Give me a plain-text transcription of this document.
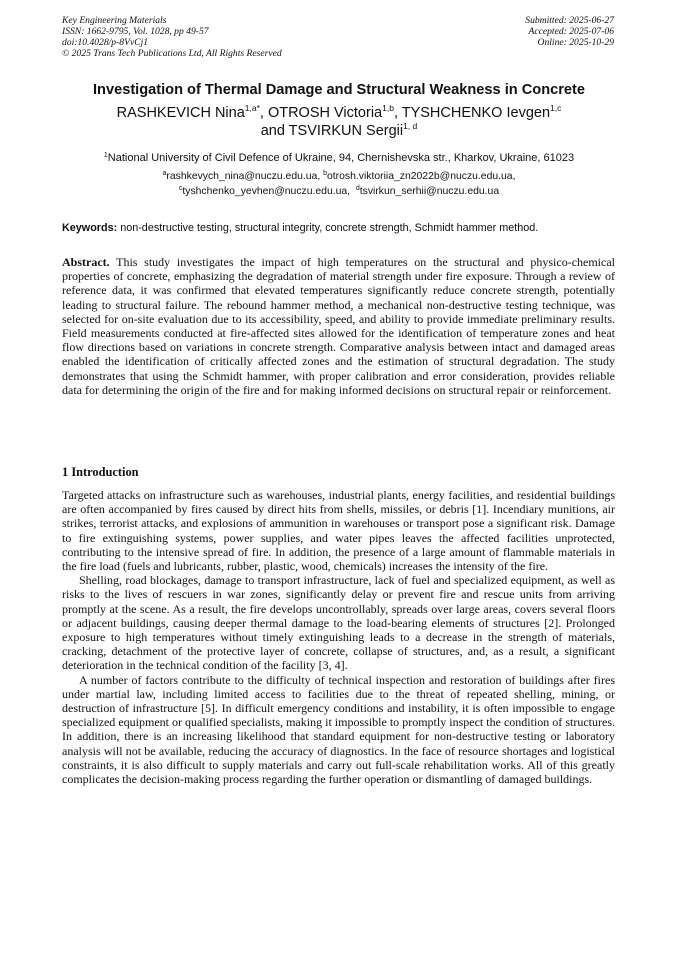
Key Engineering Materials
ISSN: 1662-9795, Vol. 1028, pp 49-57
doi:10.4028/p-8VvCj1
© 2025 Trans Tech Publications Ltd, All Rights Reserved
Submitted: 2025-06-27
Accepted: 2025-07-06
Online: 2025-10-29
Investigation of Thermal Damage and Structural Weakness in Concrete
RASHKEVICH Nina$^{1,a*}$, OTROSH Victoria$^{1,b}$, TYSHCHENKO Ievgen$^{1,c}$
and TSVIRKUN Sergii$^{1, d}$
$^1$National University of Civil Defence of Ukraine, 94, Chernishevska str., Kharkov, Ukraine, 61023
$^a$rashkevych_nina@nuczu.edu.ua, $^b$otrosh.viktoriia_zn2022b@nuczu.edu.ua,
$^c$tyshchenko_yevhen@nuczu.edu.ua,  $^d$tsvirkun_serhii@nuczu.edu.ua
Keywords: non-destructive testing, structural integrity, concrete strength, Schmidt hammer method.
Abstract. This study investigates the impact of high temperatures on the structural and physico-chemical properties of concrete, emphasizing the degradation of material strength under fire exposure. Through a review of reference data, it was confirmed that elevated temperatures significantly reduce concrete strength, potentially leading to structural failure. The rebound hammer method, a mechanical non-destructive testing technique, was selected for on-site evaluation due to its accessibility, speed, and ability to provide immediate preliminary results. Field measurements conducted at fire-affected sites allowed for the identification of temperature zones and heat flow directions based on variations in concrete strength. Comparative analysis between intact and damaged areas enabled the identification of critically affected zones and the estimation of structural degradation. The study demonstrates that using the Schmidt hammer, with proper calibration and error consideration, provides reliable data for determining the origin of the fire and for making informed decisions on structural repair or reinforcement.
1 Introduction

Targeted attacks on infrastructure such as warehouses, industrial plants, energy facilities, and residential buildings are often accompanied by fires caused by direct hits from shells, missiles, or debris [1]. Incendiary munitions, air strikes, terrorist attacks, and explosions of ammunition in warehouses or transport pose a significant risk. Damage to fire extinguishing systems, power supplies, and water pipes leaves the affected facilities unprotected, contributing to the intensive spread of fire. In addition, the presence of a large amount of flammable materials in the fire load (fuels and lubricants, rubber, plastic, wood, chemicals) increases the intensity of the fire.

Shelling, road blockages, damage to transport infrastructure, lack of fuel and specialized equipment, as well as risks to the lives of rescuers in war zones, significantly delay or prevent fire and rescue units from arriving promptly at the scene. As a result, the fire develops uncontrollably, spreads over large areas, covers several floors or adjacent buildings, causing deeper thermal damage to the load-bearing elements of structures [2]. Prolonged exposure to high temperatures without timely extinguishing leads to a decrease in the strength of materials, cracking, detachment of the protective layer of concrete, collapse of structures, and, as a result, a significant deterioration in the technical condition of the facility [3, 4].

A number of factors contribute to the difficulty of technical inspection and restoration of buildings after fires under martial law, including limited access to facilities due to the threat of repeated shelling, mining, or destruction of infrastructure [5]. In difficult emergency conditions and instability, it is often impossible to engage specialized equipment or qualified specialists, making it impossible to promptly inspect the condition of structures. In addition, there is an increasing likelihood that standard equipment for non-destructive testing or laboratory analysis will not be available, reducing the accuracy of diagnostics. In the face of resource shortages and logistical constraints, it is also difficult to supply materials and carry out full-scale rehabilitation works. All of this greatly complicates the decision-making process regarding the further operation or dismantling of damaged buildings.
